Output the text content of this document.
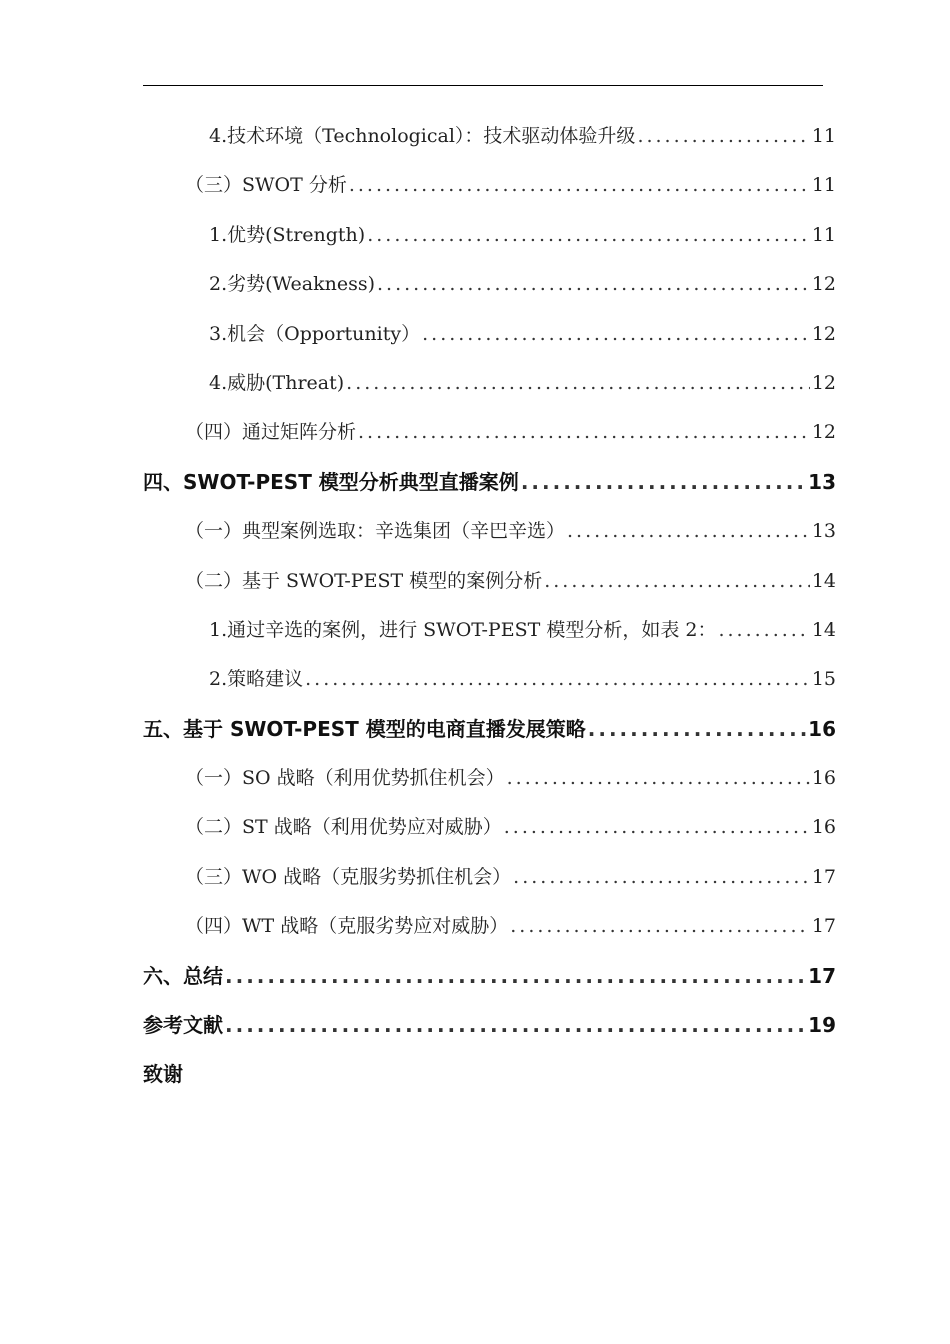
4.技术环境（Technological）：技术驱动体验升级 .....	11
（三）SWOT 分析 .....	11
1.优势(Strength) .....	11
2.劣势(Weakness) .....	12
3.机会（Opportunity） .....	12
4.威胁(Threat) .....	12
（四）通过矩阵分析 .....	12
四、SWOT-PEST 模型分析典型直播案例 .....	13
（一）典型案例选取：辛选集团（辛巴辛选） .....	13
（二）基于 SWOT-PEST 模型的案例分析 .....	14
1.通过辛选的案例，进行 SWOT-PEST 模型分析，如表 2： .....	14
2.策略建议 .....	15
五、基于 SWOT-PEST 模型的电商直播发展策略 .....	16
（一）SO 战略（利用优势抓住机会） .....	16
（二）ST 战略（利用优势应对威胁） .....	16
（三）WO 战略（克服劣势抓住机会） .....	17
（四）WT 战略（克服劣势应对威胁） .....	17
六、总结 .....	17
参考文献 .....	19
致谢
